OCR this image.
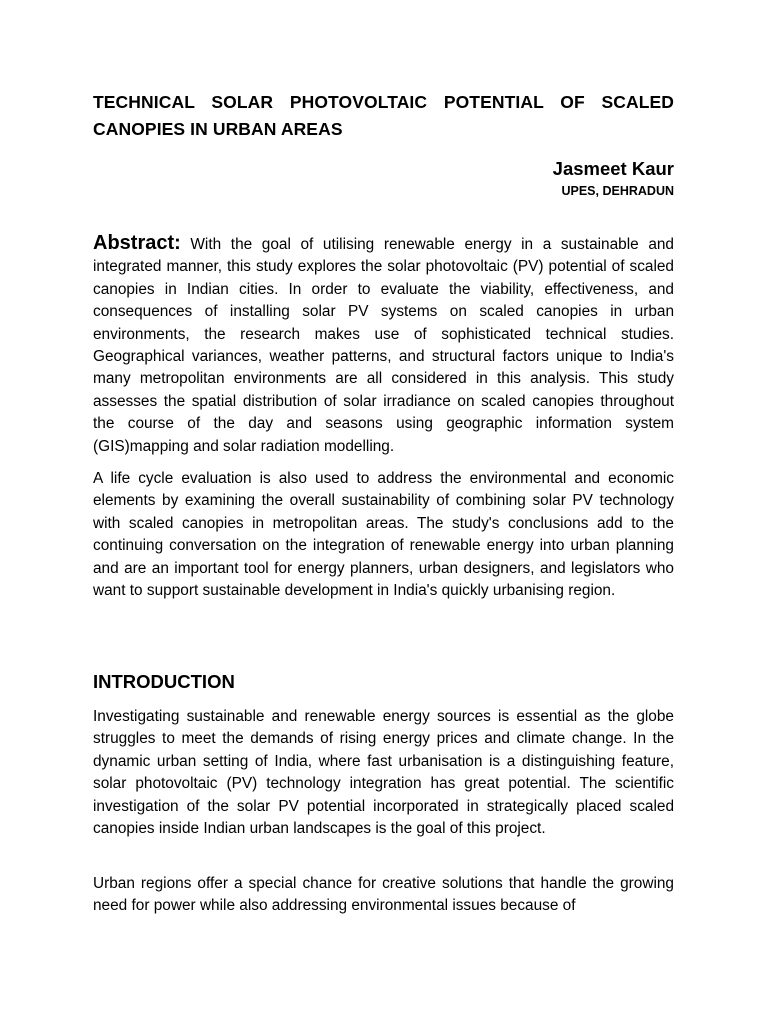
TECHNICAL SOLAR PHOTOVOLTAIC POTENTIAL OF SCALED CANOPIES IN URBAN AREAS
Jasmeet Kaur
UPES, DEHRADUN

Abstract: With the goal of utilising renewable energy in a sustainable and integrated manner, this study explores the solar photovoltaic (PV) potential of scaled canopies in Indian cities. In order to evaluate the viability, effectiveness, and consequences of installing solar PV systems on scaled canopies in urban environments, the research makes use of sophisticated technical studies. Geographical variances, weather patterns, and structural factors unique to India's many metropolitan environments are all considered in this analysis. This study assesses the spatial distribution of solar irradiance on scaled canopies throughout the course of the day and seasons using geographic information system (GIS)mapping and solar radiation modelling.

A life cycle evaluation is also used to address the environmental and economic elements by examining the overall sustainability of combining solar PV technology with scaled canopies in metropolitan areas. The study's conclusions add to the continuing conversation on the integration of renewable energy into urban planning and are an important tool for energy planners, urban designers, and legislators who want to support sustainable development in India's quickly urbanising region.

INTRODUCTION

Investigating sustainable and renewable energy sources is essential as the globe struggles to meet the demands of rising energy prices and climate change. In the dynamic urban setting of India, where fast urbanisation is a distinguishing feature, solar photovoltaic (PV) technology integration has great potential. The scientific investigation of the solar PV potential incorporated in strategically placed scaled canopies inside Indian urban landscapes is the goal of this project.

Urban regions offer a special chance for creative solutions that handle the growing need for power while also addressing environmental issues because of
